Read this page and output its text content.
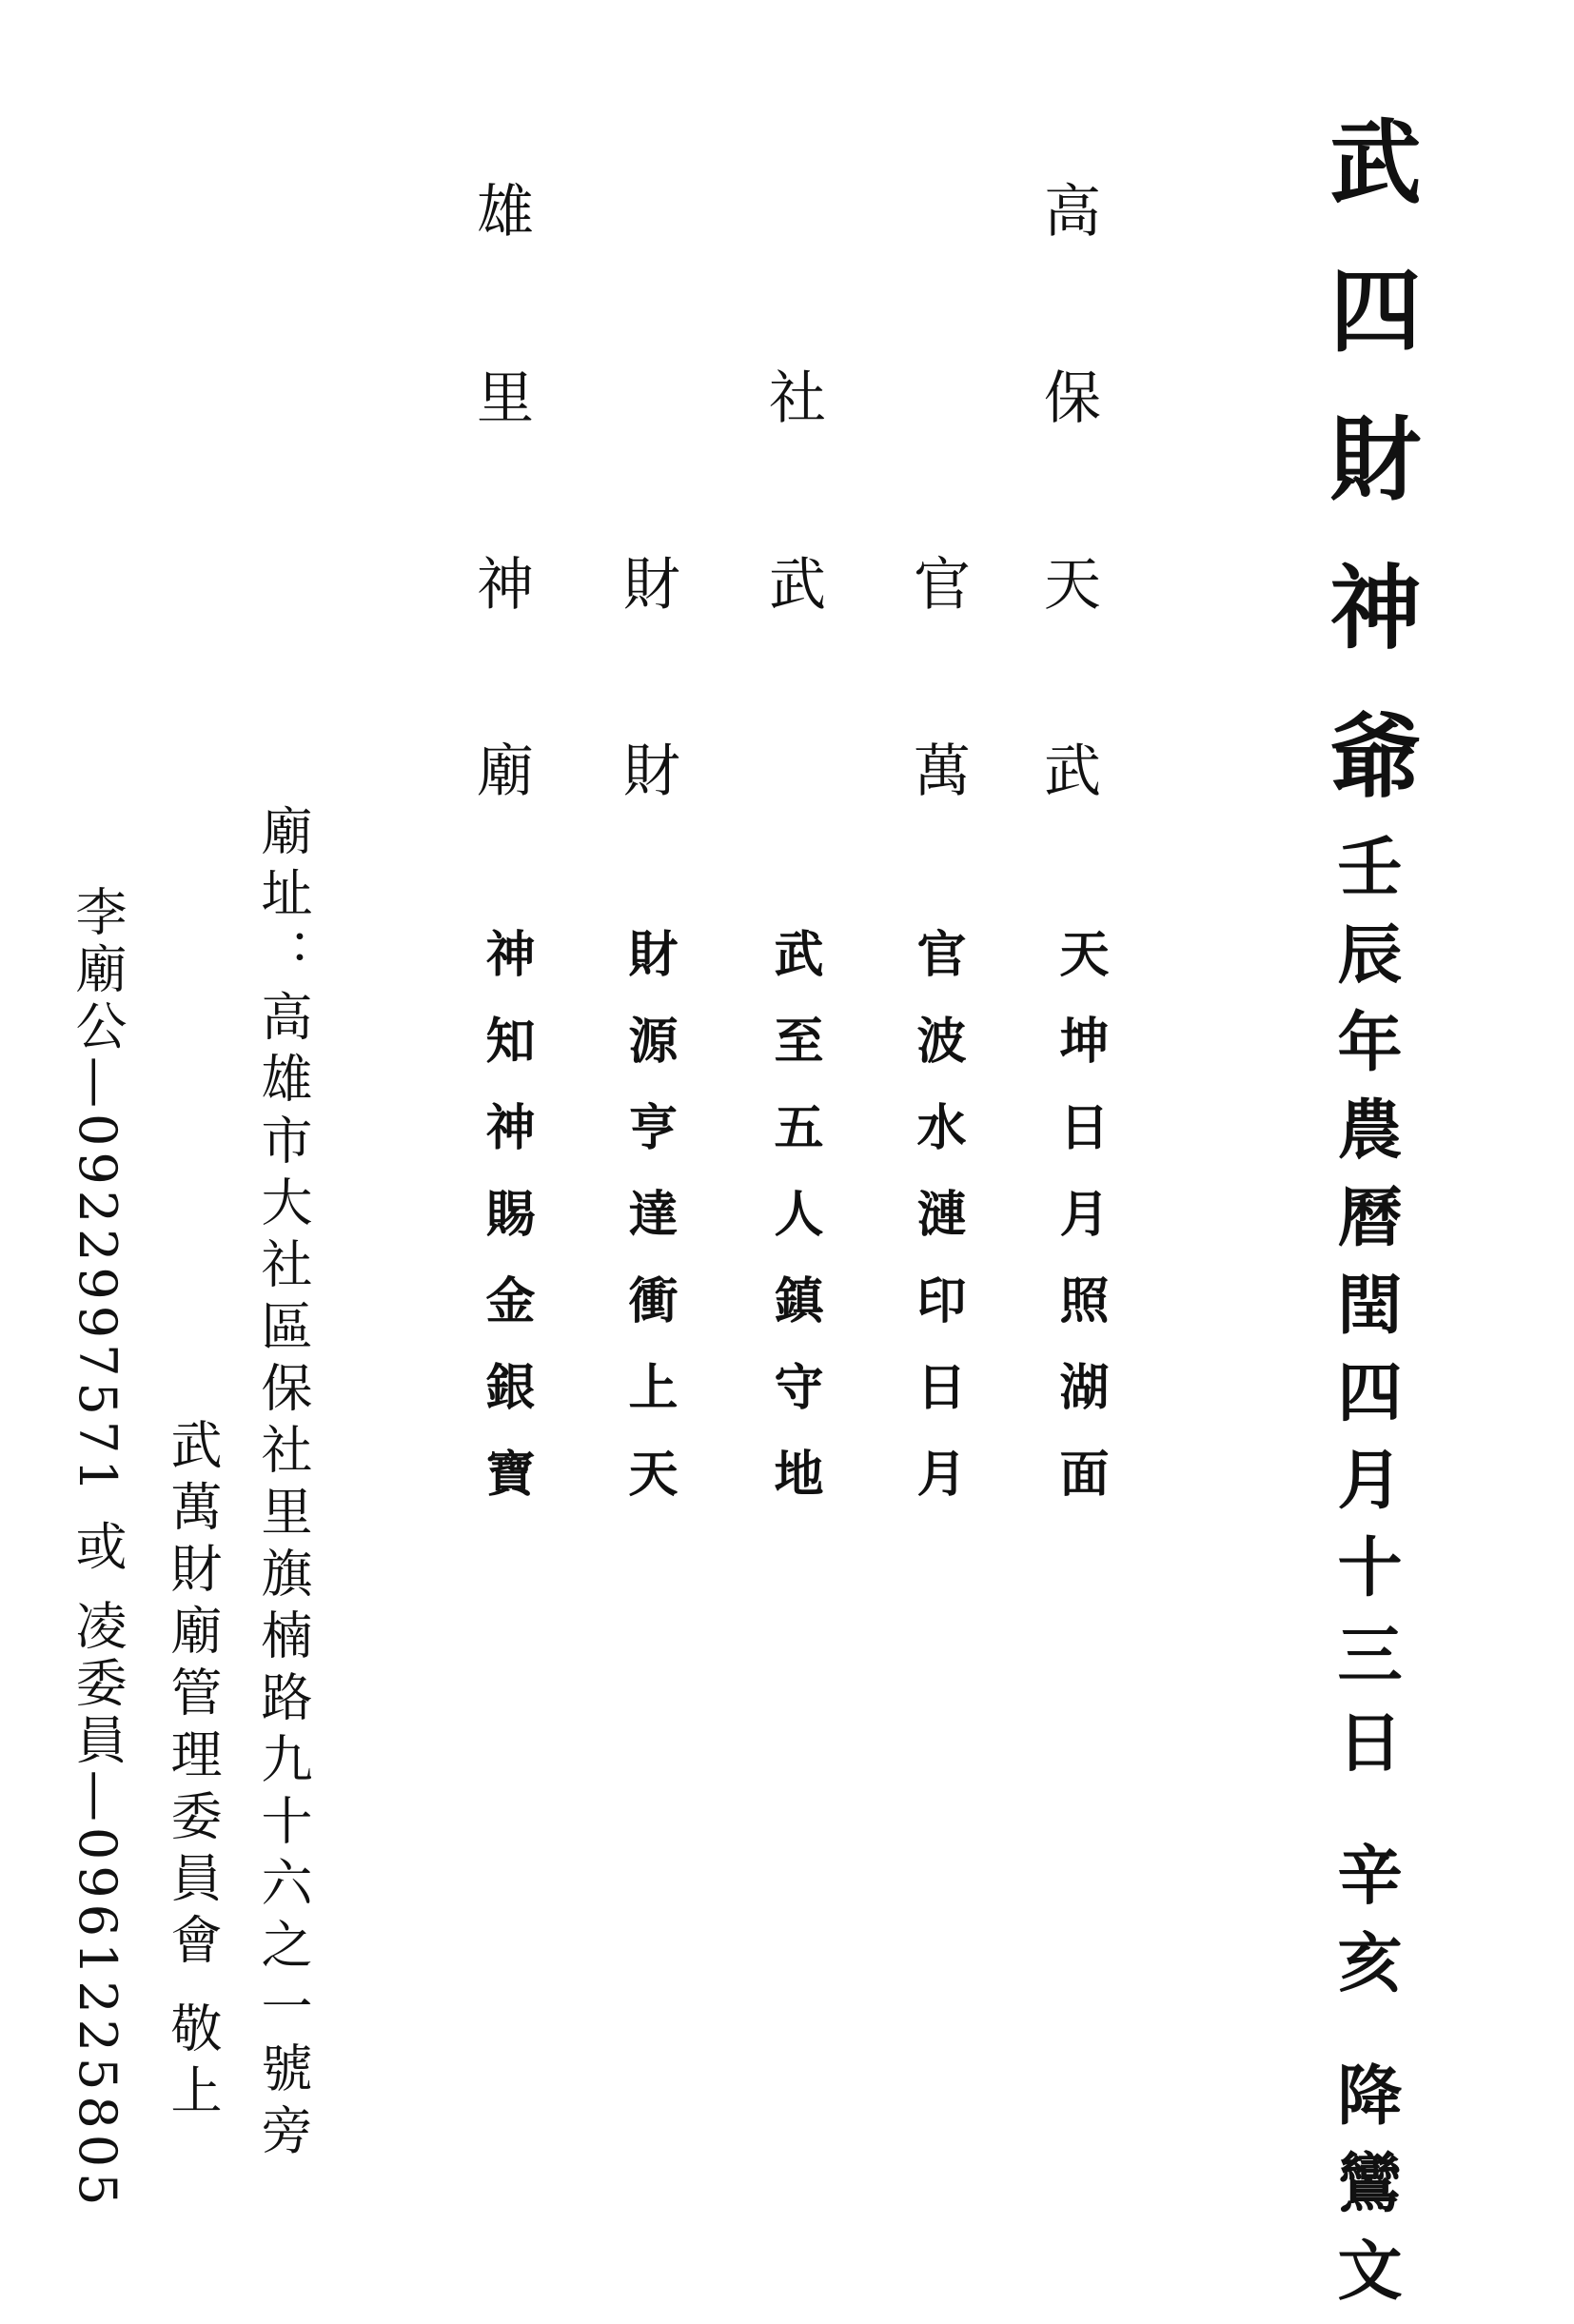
武四財神爺
壬辰年農曆閏四月十三日 辛亥 降鸞文
高保天武
官萬
社武
財財
雄里神廟
天坤日月照湖面
官波水漣印日月
武至五人鎮守地
財源亨達衝上天
神知神賜金銀寶
廟址：高雄市大社區保社里旗楠路九十六之一號旁
武萬財廟管理委員會 敬上
李廟公—0922997571 或 凌委員—0961225805
